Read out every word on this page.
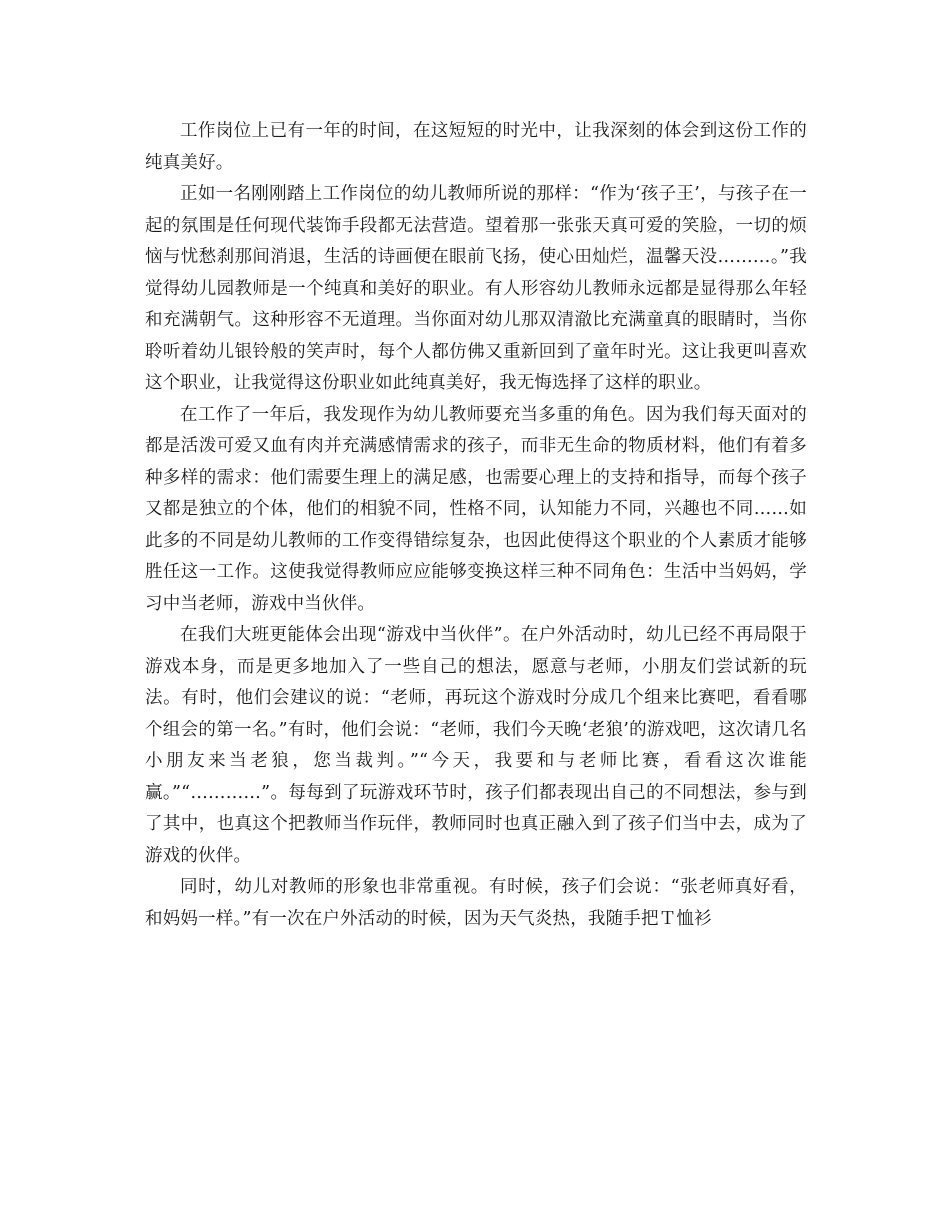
工作岗位上已有一年的时间，在这短短的时光中，让我深刻的体会到这份工作的纯真美好。

正如一名刚刚踏上工作岗位的幼儿教师所说的那样：“作为‘孩子王’，与孩子在一起的氛围是任何现代装饰手段都无法营造。望着那一张张天真可爱的笑脸，一切的烦恼与忧愁刹那间消退，生活的诗画便在眼前飞扬，使心田灿烂，温馨天没………。”我觉得幼儿园教师是一个纯真和美好的职业。有人形容幼儿教师永远都是显得那么年轻和充满朝气。这种形容不无道理。当你面对幼儿那双清澈比充满童真的眼睛时，当你聆听着幼儿银铃般的笑声时，每个人都仿佛又重新回到了童年时光。这让我更叫喜欢这个职业，让我觉得这份职业如此纯真美好，我无悔选择了这样的职业。

在工作了一年后，我发现作为幼儿教师要充当多重的角色。因为我们每天面对的都是活泼可爱又血有肉并充满感情需求的孩子，而非无生命的物质材料，他们有着多种多样的需求：他们需要生理上的满足感，也需要心理上的支持和指导，而每个孩子又都是独立的个体，他们的相貌不同，性格不同，认知能力不同，兴趣也不同……如此多的不同是幼儿教师的工作变得错综复杂，也因此使得这个职业的个人素质才能够胜任这一工作。这使我觉得教师应应能够变换这样三种不同角色：生活中当妈妈，学习中当老师，游戏中当伙伴。

在我们大班更能体会出现“游戏中当伙伴”。在户外活动时，幼儿已经不再局限于游戏本身，而是更多地加入了一些自己的想法，愿意与老师，小朋友们尝试新的玩法。有时，他们会建议的说：“老师，再玩这个游戏时分成几个组来比赛吧，看看哪个组会的第一名。”有时，他们会说：“老师，我们今天晚‘老狼’的游戏吧，这次请几名小朋友来当老狼，您当裁判。”“今天，我要和与老师比赛，看看这次谁能赢。”“…………”。每每到了玩游戏环节时，孩子们都表现出自己的不同想法，参与到了其中，也真这个把教师当作玩伴，教师同时也真正融入到了孩子们当中去，成为了游戏的伙伴。

同时，幼儿对教师的形象也非常重视。有时候，孩子们会说：“张老师真好看，和妈妈一样。”有一次在户外活动的时候，因为天气炎热，我随手把Ｔ恤衫
